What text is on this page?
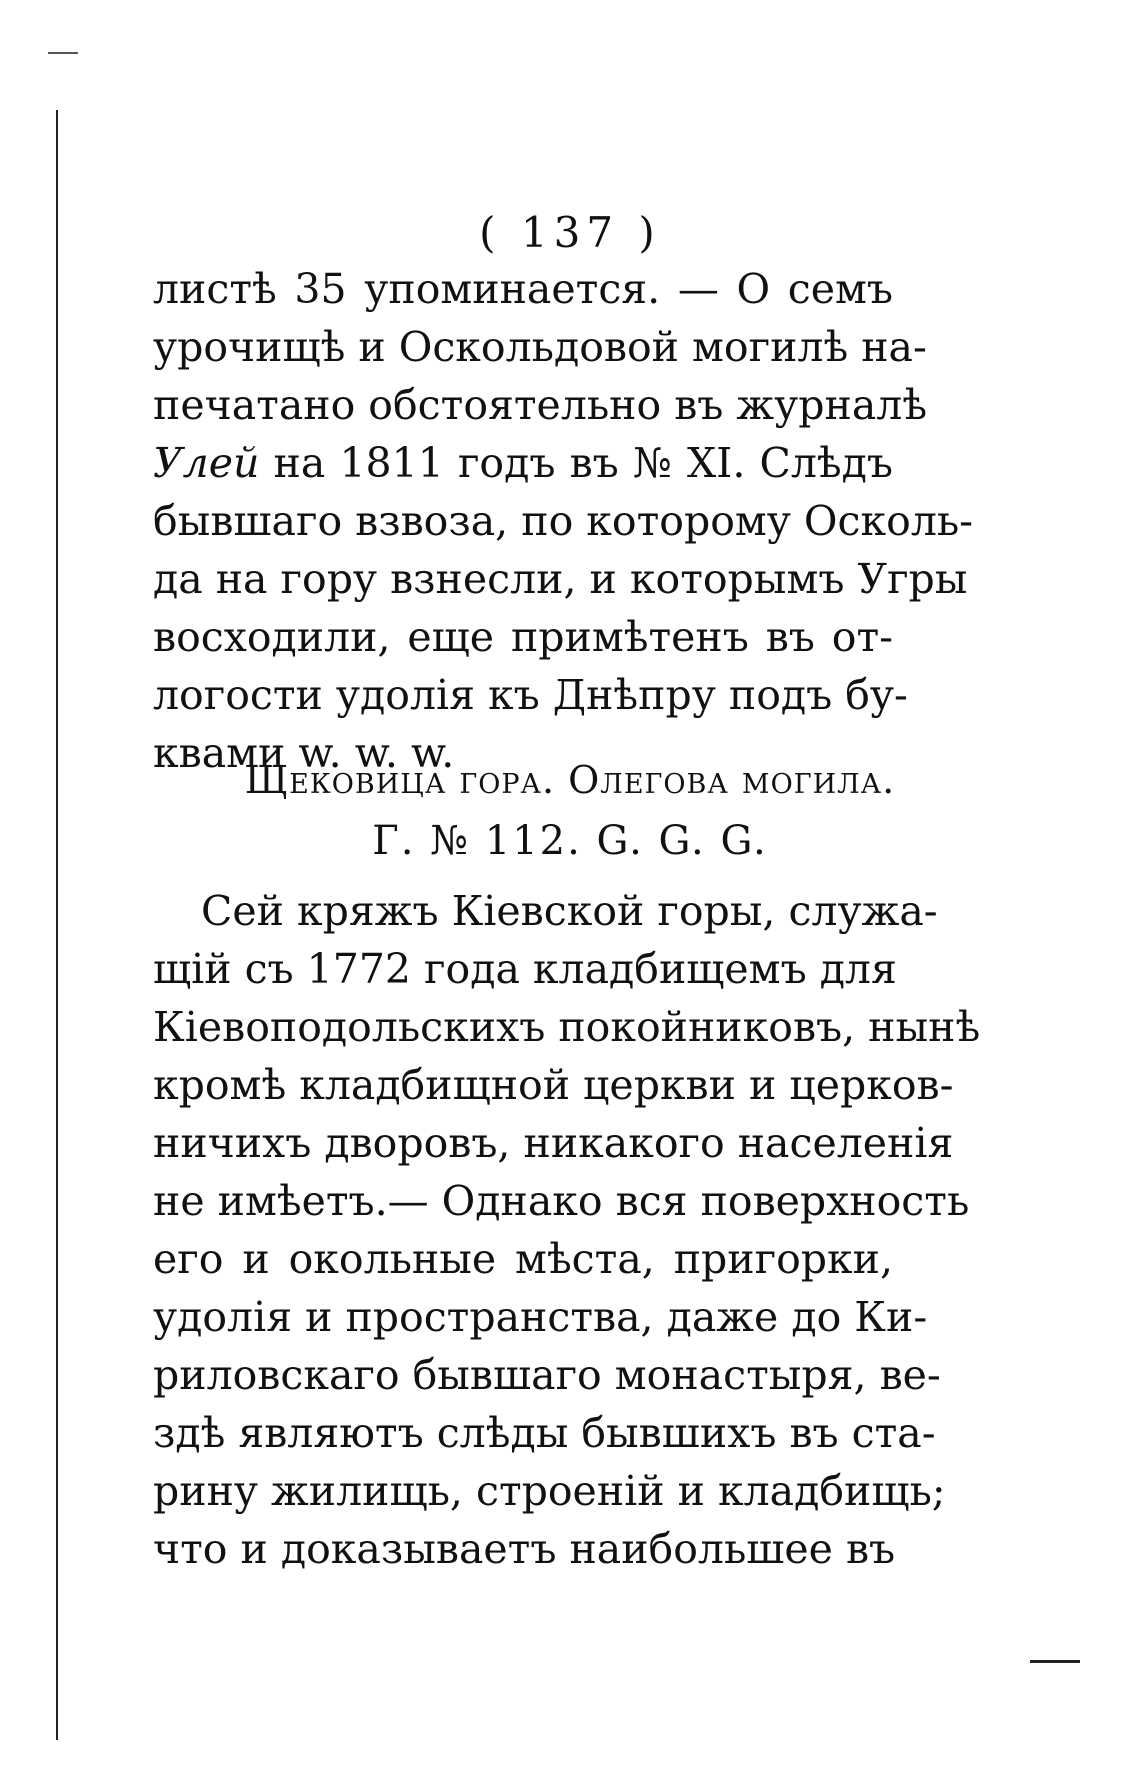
( 137 )
листѣ 35 упоминается. — О семъ
урочищѣ и Оскольдовой могилѣ на-
печатано обстоятельно въ журналѣ
Улей на 1811 годъ въ № XI. Слѣдъ
бывшаго взвоза, по которому Осколь-
да на гору взнесли, и которымъ Угры
восходили, еще примѣтенъ въ от-
логости удолія къ Днѣпру подъ бу-
квами w. w. w.
Щековица гора. Олегова могила.
Г. № 112. G. G. G.
Сей кряжъ Кіевской горы, служа-
щій съ 1772 года кладбищемъ для
Кіевоподольскихъ покойниковъ, нынѣ
кромѣ кладбищной церкви и церков-
ничихъ дворовъ, никакого населенія
не имѣетъ.— Однако вся поверхность
его и окольные мѣста, пригорки,
удолія и пространства, даже до Ки-
риловскаго бывшаго монастыря, ве-
здѣ являютъ слѣды бывшихъ въ ста-
рину жилищь, строеній и кладбищь;
что и доказываетъ наибольшее въ
